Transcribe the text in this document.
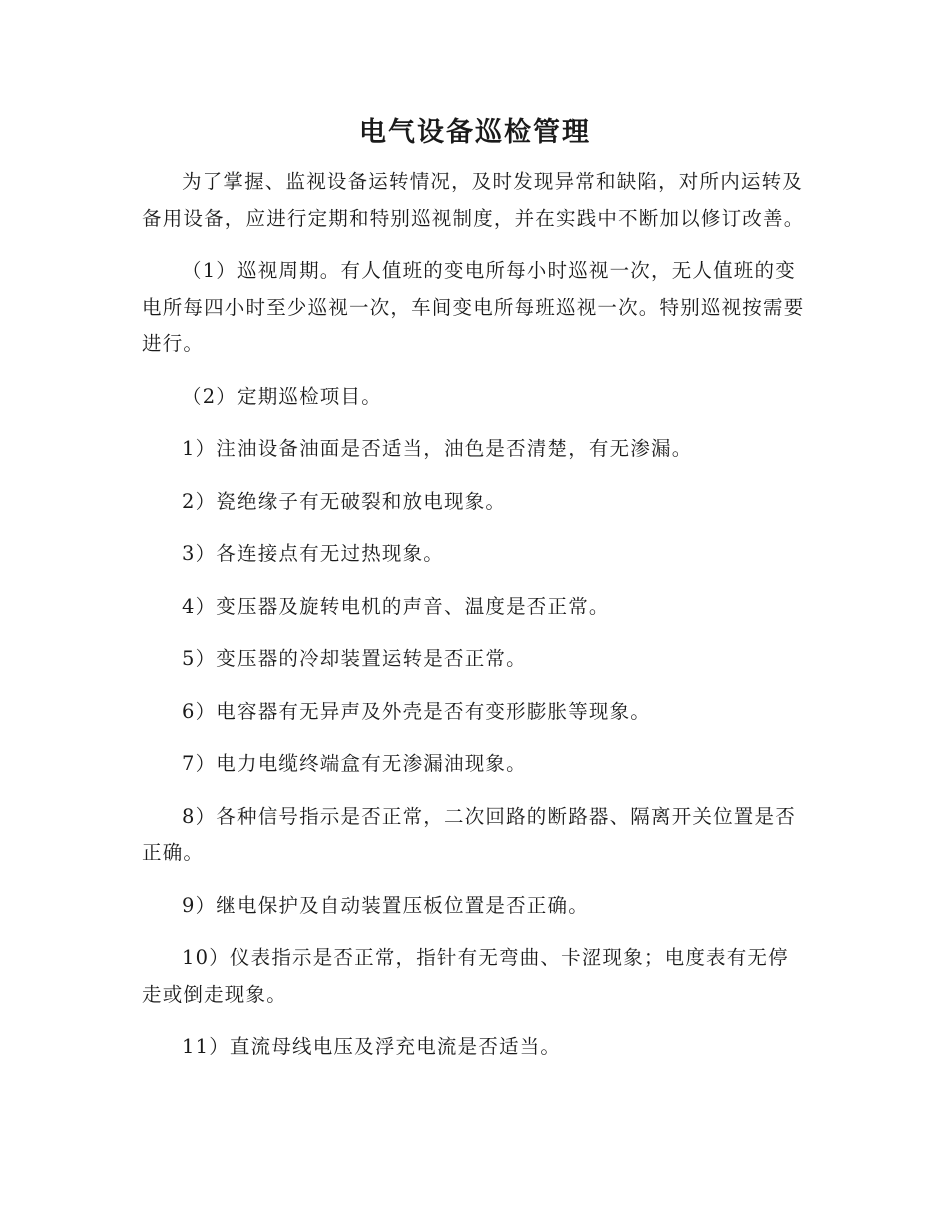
电气设备巡检管理

为了掌握、监视设备运转情况，及时发现异常和缺陷，对所内运转及备用设备，应进行定期和特别巡视制度，并在实践中不断加以修订改善。

（1）巡视周期。有人值班的变电所每小时巡视一次，无人值班的变电所每四小时至少巡视一次，车间变电所每班巡视一次。特别巡视按需要进行。

（2）定期巡检项目。

1）注油设备油面是否适当，油色是否清楚，有无渗漏。

2）瓷绝缘子有无破裂和放电现象。

3）各连接点有无过热现象。

4）变压器及旋转电机的声音、温度是否正常。

5）变压器的冷却装置运转是否正常。

6）电容器有无异声及外壳是否有变形膨胀等现象。

7）电力电缆终端盒有无渗漏油现象。

8）各种信号指示是否正常，二次回路的断路器、隔离开关位置是否正确。

9）继电保护及自动装置压板位置是否正确。

10）仪表指示是否正常，指针有无弯曲、卡涩现象；电度表有无停走或倒走现象。

11）直流母线电压及浮充电流是否适当。
